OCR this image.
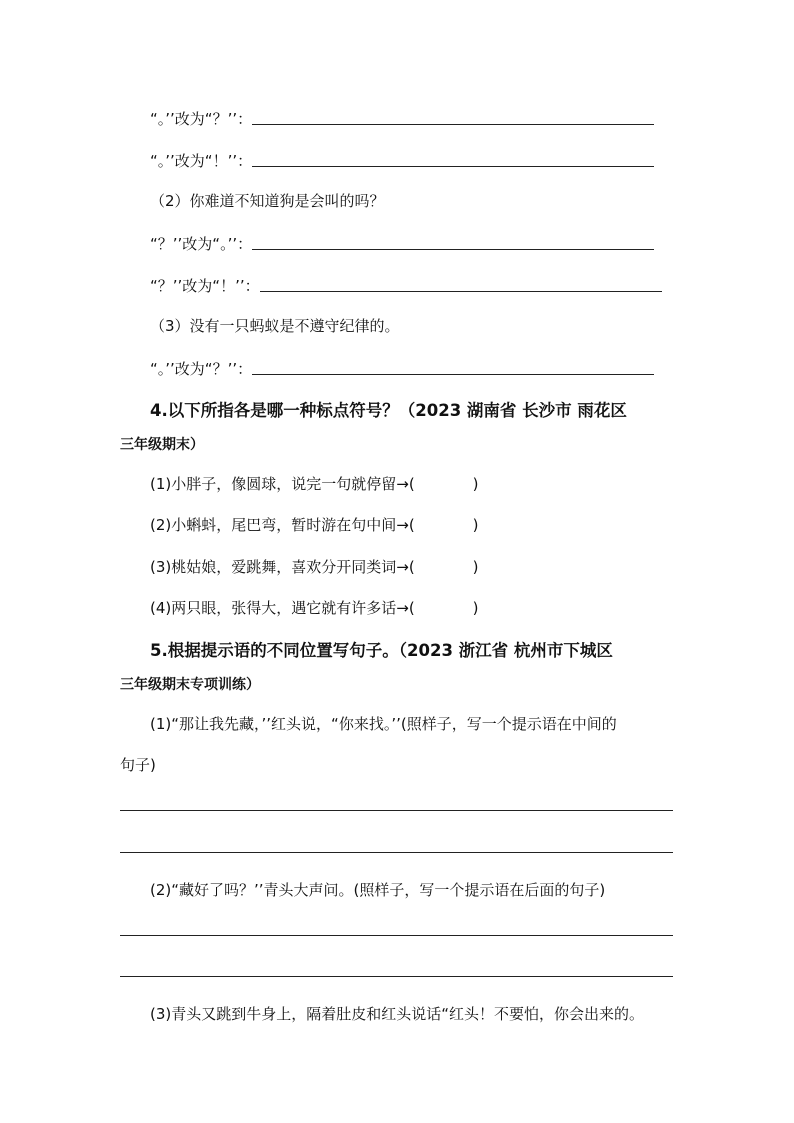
“。’’改为“？’’：
“。’’改为“！’’：
（2）你难道不知道狗是会叫的吗？
“？’’改为“。’’：
“？’’改为“！’’：
（3）没有一只蚂蚁是不遵守纪律的。
“。’’改为“？’’：
4.以下所指各是哪一种标点符号？（2023 湖南省 长沙市 雨花区
三年级期末）
(1)小胖子，像圆球，说完一句就停留→(	)
(2)小蝌蚪，尾巴弯，暂时游在句中间→(	)
(3)桃姑娘，爱跳舞，喜欢分开同类词→(	)
(4)两只眼，张得大，遇它就有许多话→(	)
5.根据提示语的不同位置写句子。（2023 浙江省 杭州市下城区
三年级期末专项训练）
(1)“那让我先藏，’’红头说，“你来找。’’(照样子，写一个提示语在中间的
句子)
(2)“藏好了吗？’’青头大声问。(照样子，写一个提示语在后面的句子)
(3)青头又跳到牛身上，隔着肚皮和红头说话“红头！不要怕，你会出来的。
